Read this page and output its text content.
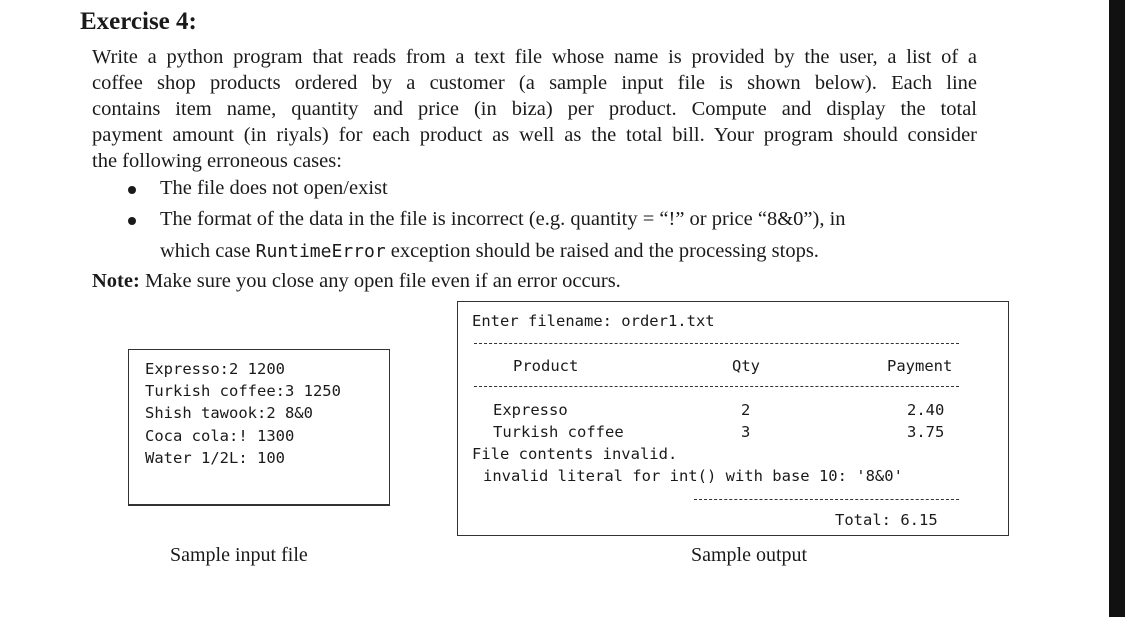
Exercise 4:
Write a python program that reads from a text file whose name is provided by the user, a list of a
coffee shop products ordered by a customer (a sample input file is shown below). Each line
contains item name, quantity and price (in biza) per product. Compute and display the total
payment amount (in riyals) for each product as well as the total bill. Your program should consider
the following erroneous cases:
The file does not open/exist
The format of the data in the file is incorrect (e.g. quantity = “!” or price “8&0”), in
which case RuntimeError exception should be raised and the processing stops.
Note: Make sure you close any open file even if an error occurs.
Expresso:2 1200
Turkish coffee:3 1250
Shish tawook:2 8&0
Coca cola:! 1300
Water 1/2L: 100
Sample input file
Enter filename: order1.txt
Product	Qty	Payment
Expresso	2	2.40
Turkish coffee	3	3.75
File contents invalid.
invalid literal for int() with base 10: '8&0'
Total: 6.15
Sample output
